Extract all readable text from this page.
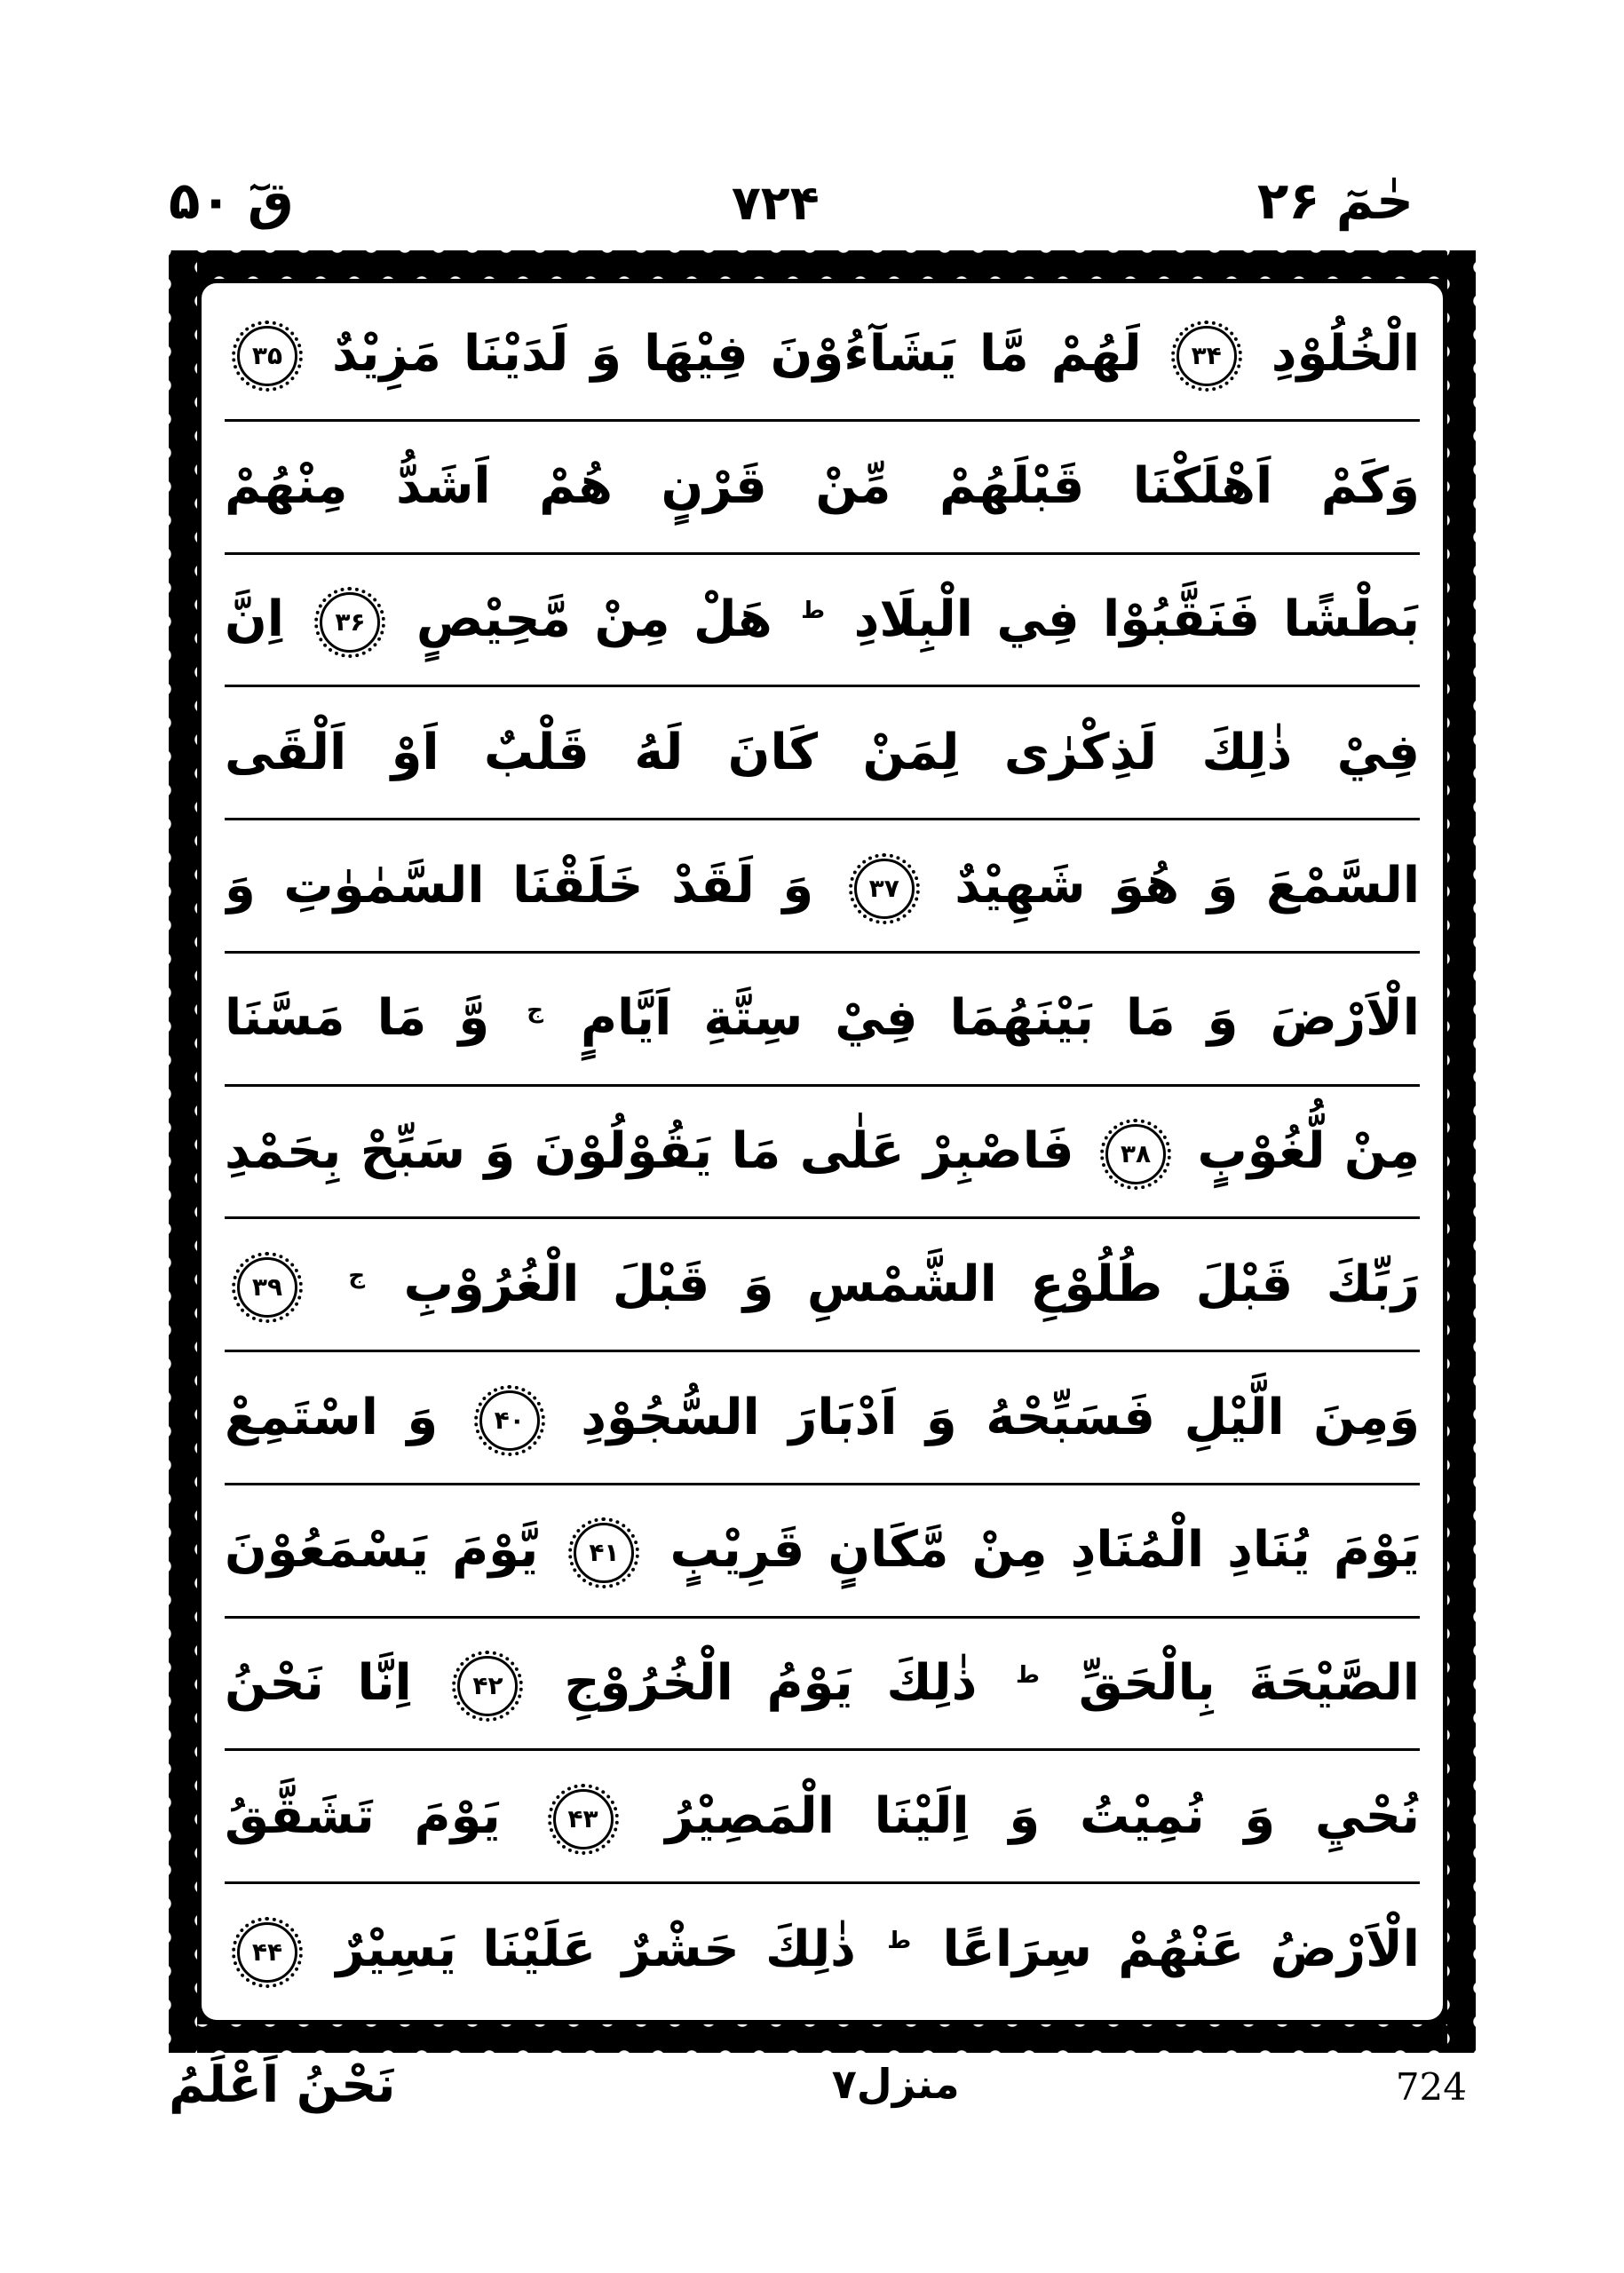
قٓ
۵۰	۷۲۴	حٰمٓ
۲۶
الْخُلُوْدِ ۳۴ لَهُمْ مَّا يَشَآءُوْنَ فِيْهَا وَ لَدَيْنَا مَزِيْدٌ ۳۵
وَكَمْ اَهْلَكْنَا قَبْلَهُمْ مِّنْ قَرْنٍ هُمْ اَشَدُّ مِنْهُمْ
بَطْشًا فَنَقَّبُوْا فِي الْبِلَادِ $^ط$ هَلْ مِنْ مَّحِيْصٍ ۳۶ اِنَّ
فِيْ ذٰلِكَ لَذِكْرٰى لِمَنْ كَانَ لَهُ قَلْبٌ اَوْ اَلْقَى
السَّمْعَ وَ هُوَ شَهِيْدٌ ۳۷ وَ لَقَدْ خَلَقْنَا السَّمٰوٰتِ وَ
الْاَرْضَ وَ مَا بَيْنَهُمَا فِيْ سِتَّةِ اَيَّامٍ $^ج$ وَّ مَا مَسَّنَا
مِنْ لُّغُوْبٍ ۳۸ فَاصْبِرْ عَلٰى مَا يَقُوْلُوْنَ وَ سَبِّحْ بِحَمْدِ
رَبِّكَ قَبْلَ طُلُوْعِ الشَّمْسِ وَ قَبْلَ الْغُرُوْبِ $^ج$ ۳۹
وَمِنَ الَّيْلِ فَسَبِّحْهُ وَ اَدْبَارَ السُّجُوْدِ ۴۰ وَ اسْتَمِعْ
يَوْمَ يُنَادِ الْمُنَادِ مِنْ مَّكَانٍ قَرِيْبٍ ۴۱ يَّوْمَ يَسْمَعُوْنَ
الصَّيْحَةَ بِالْحَقِّ $^ط$ ذٰلِكَ يَوْمُ الْخُرُوْجِ ۴۲ اِنَّا نَحْنُ
نُحْيِ وَ نُمِيْتُ وَ اِلَيْنَا الْمَصِيْرُ ۴۳ يَوْمَ تَشَقَّقُ
الْاَرْضُ عَنْهُمْ سِرَاعًا $^ط$ ذٰلِكَ حَشْرٌ عَلَيْنَا يَسِيْرٌ ۴۴
نَحْنُ اَعْلَمُ	منزل۷	724
